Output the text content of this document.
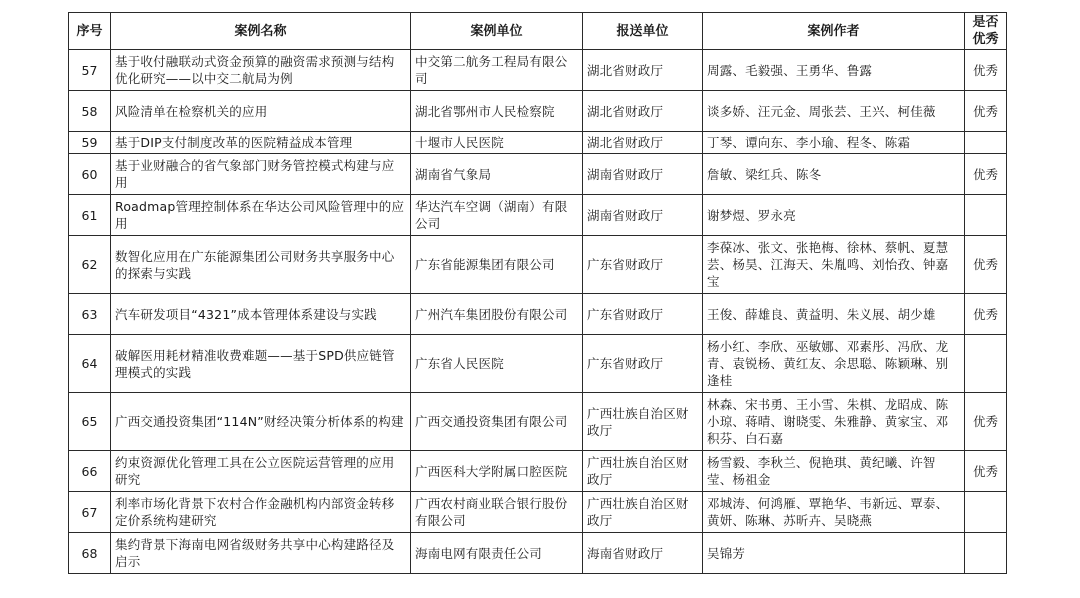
序号	案例名称	案例单位	报送单位	案例作者	是否优秀
57	基于收付融联动式资金预算的融资需求预测与结构优化研究——以中交二航局为例	中交第二航务工程局有限公司	湖北省财政厅	周露、毛毅强、王勇华、鲁露	优秀
58	风险清单在检察机关的应用	湖北省鄂州市人民检察院	湖北省财政厅	谈多娇、汪元金、周张芸、王兴、柯佳薇	优秀
59	基于DIP支付制度改革的医院精益成本管理	十堰市人民医院	湖北省财政厅	丁琴、谭向东、李小瑜、程冬、陈霜	
60	基于业财融合的省气象部门财务管控模式构建与应用	湖南省气象局	湖南省财政厅	詹敏、梁红兵、陈冬	优秀
61	Roadmap管理控制体系在华达公司风险管理中的应用	华达汽车空调（湖南）有限公司	湖南省财政厅	谢梦煜、罗永亮	
62	数智化应用在广东能源集团公司财务共享服务中心的探索与实践	广东省能源集团有限公司	广东省财政厅	李葆冰、张文、张艳梅、徐林、蔡帆、夏慧芸、杨昊、江海天、朱胤鸣、刘怡孜、钟嘉宝	优秀
63	汽车研发项目“4321”成本管理体系建设与实践	广州汽车集团股份有限公司	广东省财政厅	王俊、薛雄良、黄益明、朱义展、胡少雄	优秀
64	破解医用耗材精准收费难题——基于SPD供应链管理模式的实践	广东省人民医院	广东省财政厅	杨小红、李欣、巫敏娜、邓素彤、冯欣、龙青、袁锐杨、黄红友、余思聪、陈颖琳、别逢桂	
65	广西交通投资集团“114N”财经决策分析体系的构建	广西交通投资集团有限公司	广西壮族自治区财政厅	林森、宋书勇、王小雪、朱棋、龙昭成、陈小琼、蒋晴、谢晓雯、朱雅静、黄家宝、邓积芬、白石嘉	优秀
66	约束资源优化管理工具在公立医院运营管理的应用研究	广西医科大学附属口腔医院	广西壮族自治区财政厅	杨雪毅、李秋兰、倪艳琪、黄纪曦、许智莹、杨祖金	优秀
67	利率市场化背景下农村合作金融机构内部资金转移定价系统构建研究	广西农村商业联合银行股份有限公司	广西壮族自治区财政厅	邓城涛、何鸿雁、覃艳华、韦新远、覃泰、黄妍、陈琳、苏昕卉、吴晓燕	
68	集约背景下海南电网省级财务共享中心构建路径及启示	海南电网有限责任公司	海南省财政厅	吴锦芳	
